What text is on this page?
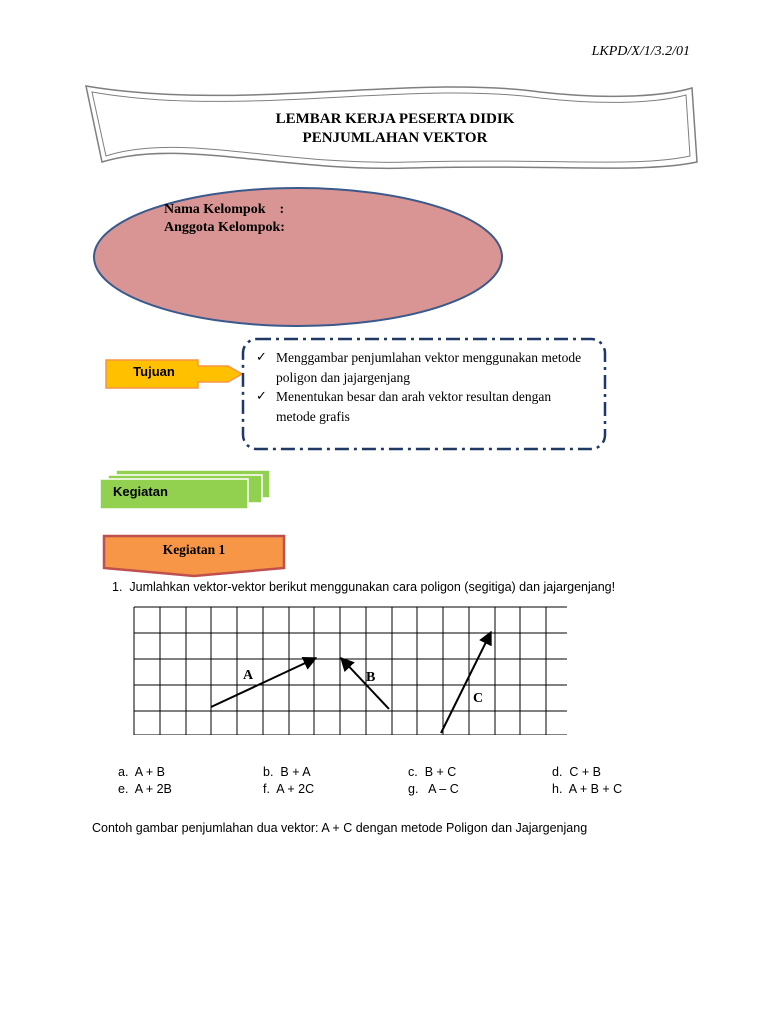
LKPD/X/1/3.2/01
LEMBAR KERJA PESERTA DIDIK
PENJUMLAHAN VEKTOR
Nama Kelompok    :
Anggota Kelompok:
Tujuan
✓ Menggambar penjumlahan vektor menggunakan metode poligon dan jajargenjang
✓ Menentukan besar dan arah vektor resultan dengan metode grafis
Kegiatan
Kegiatan 1
1. Jumlahkan vektor-vektor berikut menggunakan cara poligon (segitiga) dan jajargenjang!
A	B
C
a. A + B	b. B + A	c. B + C	d. C + B
e. A + 2B	f. A + 2C	g.   A – C	h. A + B + C
Contoh gambar penjumlahan dua vektor: A + C dengan metode Poligon dan Jajargenjang
